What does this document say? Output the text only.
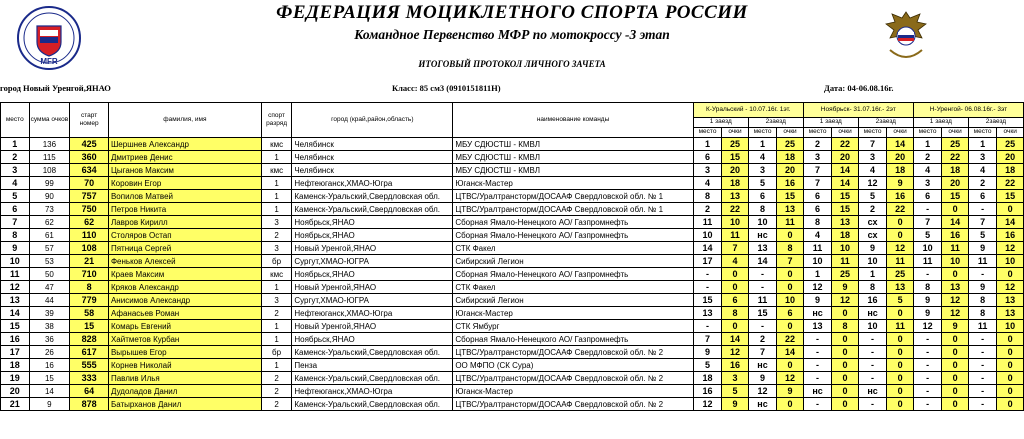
MFR
ФЕДЕРАЦИЯ МОЦИКЛЕТНОГО СПОРТА РОССИИ
Командное Первенство МФР по мотокроссу -3 этап
ИТОГОВЫЙ ПРОТОКОЛ ЛИЧНОГО ЗАЧЕТА
город Новый Уренгой,ЯНАО	Класс: 85 см3 (0910151811Н)	Дата: 04-06.08.16г.
место	сумма очков	старт номер	фамилия, имя	спорт разряд	город (край,район,область)	наименование команды	К-Уральский - 10.07.16г. 1эт.				Ноябрьск- 31.07.16г.- 2эт				Н-Уренгой- 06.08.16г.- 3эт			
							1 заезд		2заезд		1 заезд		2заезд		1 заезд		2заезд	
							место	очки	место	очки	место	очки	место	очки	место	очки	место	очки
1	136	425	Шершнев Александр	кмс	Челябинск	МБУ СДЮСТШ - КМВЛ	1	25	1	25	2	22	7	14	1	25	1	25
2	115	360	Дмитриев Денис	1	Челябинск	МБУ СДЮСТШ - КМВЛ	6	15	4	18	3	20	3	20	2	22	3	20
3	108	634	Цыганов Максим	кмс	Челябинск	МБУ СДЮСТШ - КМВЛ	3	20	3	20	7	14	4	18	4	18	4	18
4	99	70	Коровин Егор	1	Нефтеюганск,ХМАО-Югра	Юганск-Мастер	4	18	5	16	7	14	12	9	3	20	2	22
5	90	757	Вопилов Матвей	1	Каменск-Уральский,Свердловская обл.	ЦТВС/Уралтрансторм/ДОСААФ Свердловской обл. № 1	8	13	6	15	6	15	5	16	6	15	6	15
6	73	750	Петров Никита	1	Каменск-Уральский,Свердловская обл.	ЦТВС/Уралтрансторм/ДОСААФ Свердловской обл. № 1	2	22	8	13	6	15	2	22	-	0	-	0
7	62	62	Лавров Кирилл	3	Ноябрьск,ЯНАО	Сборная Ямало-Ненецкого АО/ Газпромнефть	11	10	10	11	8	13	сх	0	7	14	7	14
8	61	110	Столяров Остап	2	Ноябрьск,ЯНАО	Сборная Ямало-Ненецкого АО/ Газпромнефть	10	11	нс	0	4	18	сх	0	5	16	5	16
9	57	108	Пятница Сергей	3	Новый Уренгой,ЯНАО	СТК Факел	14	7	13	8	11	10	9	12	10	11	9	12
10	53	21	Феньков Алексей	бр	Сургут,ХМАО-ЮГРА	Сибирский Легион	17	4	14	7	10	11	10	11	11	10	11	10
11	50	710	Краев Максим	кмс	Ноябрьск,ЯНАО	Сборная Ямало-Ненецкого АО/ Газпромнефть	-	0	-	0	1	25	1	25	-	0	-	0
12	47	8	Кряков Александр	1	Новый Уренгой,ЯНАО	СТК Факел	-	0	-	0	12	9	8	13	8	13	9	12
13	44	779	Анисимов Александр	3	Сургут,ХМАО-ЮГРА	Сибирский Легион	15	6	11	10	9	12	16	5	9	12	8	13
14	39	58	Афанасьев Роман	2	Нефтеюганск,ХМАО-Югра	Юганск-Мастер	13	8	15	6	нс	0	нс	0	9	12	8	13
15	38	15	Комарь Евгений	1	Новый Уренгой,ЯНАО	СТК Ямбург	-	0	-	0	13	8	10	11	12	9	11	10
16	36	828	Хайтметов Курбан	1	Ноябрьск,ЯНАО	Сборная Ямало-Ненецкого АО/ Газпромнефть	7	14	2	22	-	0	-	0	-	0	-	0
17	26	617	Вырышев Егор	бр	Каменск-Уральский,Свердловская обл.	ЦТВС/Уралтрансторм/ДОСААФ Свердловской обл. № 2	9	12	7	14	-	0	-	0	-	0	-	0
18	16	555	Корнев Николай	1	Пенза	ОО МФПО (СК Сура)	5	16	нс	0	-	0	-	0	-	0	-	0
19	15	333	Павлив Илья	2	Каменск-Уральский,Свердловская обл.	ЦТВС/Уралтрансторм/ДОСААФ Свердловской обл. № 2	18	3	9	12	-	0	-	0	-	0	-	0
20	14	64	Дудоладов Данил	2	Нефтеюганск,ХМАО-Югра	Юганск-Мастер	16	5	12	9	нс	0	нс	0	-	0	-	0
21	9	878	Батырханов Данил	2	Каменск-Уральский,Свердловская обл.	ЦТВС/Уралтрансторм/ДОСААФ Свердловской обл. № 2	12	9	нс	0	-	0	-	0	-	0	-	0
